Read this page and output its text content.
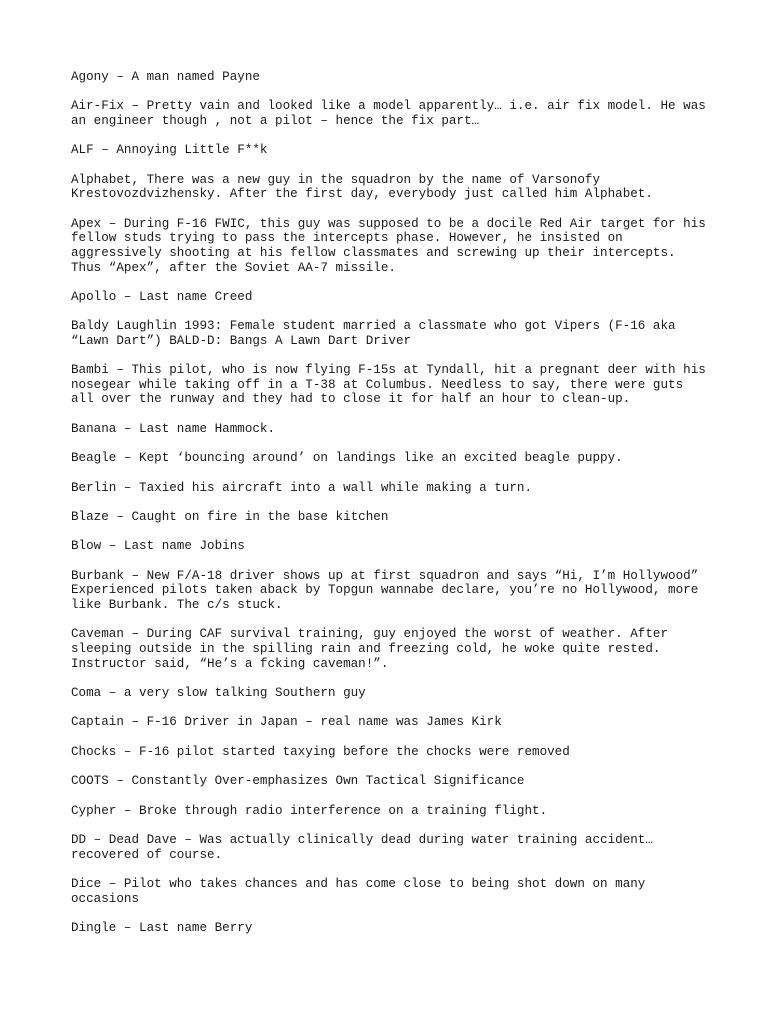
Agony – A man named Payne

Air-Fix – Pretty vain and looked like a model apparently… i.e. air fix model. He was an engineer though , not a pilot – hence the fix part…

ALF – Annoying Little F**k

Alphabet, There was a new guy in the squadron by the name of Varsonofy Krestovozdvizhensky. After the first day, everybody just called him Alphabet.

Apex – During F-16 FWIC, this guy was supposed to be a docile Red Air target for his fellow studs trying to pass the intercepts phase. However, he insisted on aggressively shooting at his fellow classmates and screwing up their intercepts. Thus “Apex”, after the Soviet AA-7 missile.

Apollo – Last name Creed

Baldy Laughlin 1993: Female student married a classmate who got Vipers (F-16 aka “Lawn Dart”) BALD-D: Bangs A Lawn Dart Driver

Bambi – This pilot, who is now flying F-15s at Tyndall, hit a pregnant deer with his nosegear while taking off in a T-38 at Columbus. Needless to say, there were guts all over the runway and they had to close it for half an hour to clean-up.

Banana – Last name Hammock.

Beagle – Kept ‘bouncing around’ on landings like an excited beagle puppy.

Berlin – Taxied his aircraft into a wall while making a turn.

Blaze – Caught on fire in the base kitchen

Blow – Last name Jobins

Burbank – New F/A-18 driver shows up at first squadron and says “Hi, I’m Hollywood” Experienced pilots taken aback by Topgun wannabe declare, you’re no Hollywood, more like Burbank. The c/s stuck.

Caveman – During CAF survival training, guy enjoyed the worst of weather. After sleeping outside in the spilling rain and freezing cold, he woke quite rested. Instructor said, “He’s a fcking caveman!”.

Coma – a very slow talking Southern guy

Captain – F-16 Driver in Japan – real name was James Kirk

Chocks – F-16 pilot started taxying before the chocks were removed

COOTS – Constantly Over-emphasizes Own Tactical Significance

Cypher – Broke through radio interference on a training flight.

DD – Dead Dave – Was actually clinically dead during water training accident… recovered of course.

Dice – Pilot who takes chances and has come close to being shot down on many occasions

Dingle – Last name Berry
